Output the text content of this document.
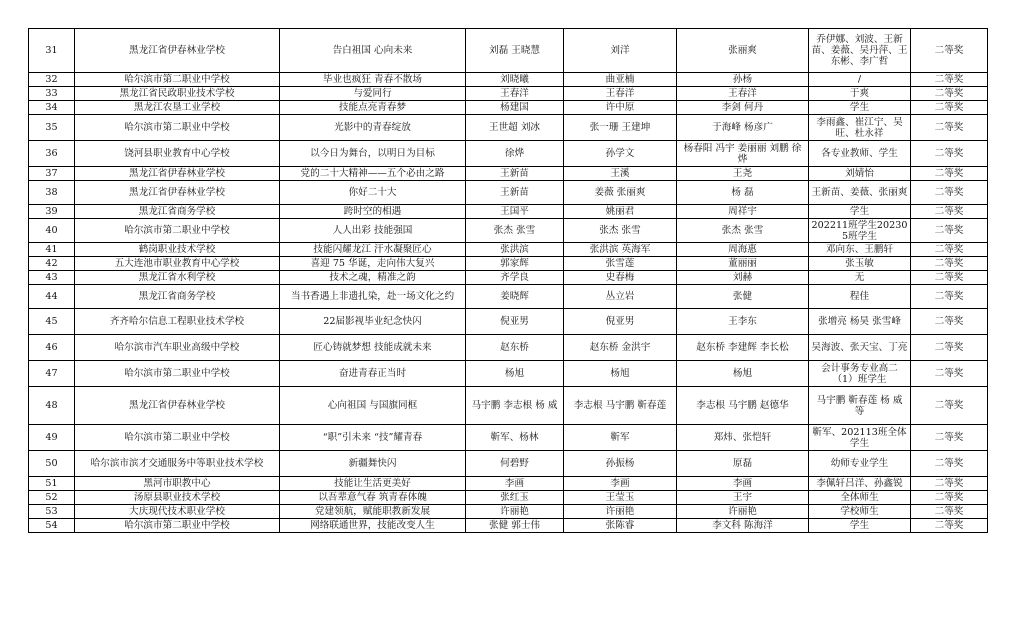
31	黑龙江省伊春林业学校	告白祖国 心向未来	刘磊 王晓慧	刘洋	张丽爽	乔伊娜、刘波、王新苗、姜薇、吴丹萍、王东彬、李广哲	二等奖
32	哈尔滨市第二职业中学校	毕业也疯狂 青春不散场	刘晓曦	曲亚楠	孙杨	/	二等奖
33	黑龙江省民政职业技术学校	与爱同行	王春洋	王春洋	王春洋	于爽	二等奖
34	黑龙江农垦工业学校	技能点亮青春梦	杨建国	许中原	李剑 何丹	学生	二等奖
35	哈尔滨市第二职业中学校	光影中的青春绽放	王世超 刘冰	张一珊 王建坤	于海峰 杨彦广	李雨鑫、崔江宁、吴旺、杜永祥	二等奖
36	饶河县职业教育中心学校	以今日为舞台，以明日为目标	徐烨	孙学文	杨春阳 冯宇 姜丽丽 刘鹏 徐烨	各专业教师、学生	二等奖
37	黑龙江省伊春林业学校	党的二十大精神——五个必由之路	王新苗	王溪	王尧	刘婧怡	二等奖
38	黑龙江省伊春林业学校	你好二十大	王新苗	姜薇 张丽爽	杨 磊	王新苗、姜薇、张丽爽	二等奖
39	黑龙江省商务学校	跨时空的相遇	王国平	姚丽君	周祥宇	学生	二等奖
40	哈尔滨市第二职业中学校	人人出彩 技能强国	张杰 张雪	张杰 张雪	张杰 张雪	202211班学生202305班学生	二等奖
41	鹤岗职业技术学校	技能闪耀龙江 汗水凝聚匠心	张洪滨	张洪滨 英海军	周海惠	邓向东、王鹏轩	二等奖
42	五大连池市职业教育中心学校	喜迎 75 华诞，走向伟大复兴	郭家辉	张雪莲	董丽丽	张玉敏	二等奖
43	黑龙江省水利学校	技术之魂，精准之韵	齐学良	史春梅	刘赫	无	二等奖
44	黑龙江省商务学校	当书香遇上非遗扎染，赴一场文化之约	姜晓辉	丛立岩	张健	程佳	二等奖
45	齐齐哈尔信息工程职业技术学校	22届影视毕业纪念快闪	倪亚男	倪亚男	王李东	张增亮 杨昊 张雪峰	二等奖
46	哈尔滨市汽车职业高级中学校	匠心铸就梦想 技能成就未来	赵东桥	赵东桥 金洪宇	赵东桥 李建辉 李长松	吴海波、张天宝、丁亮	二等奖
47	哈尔滨市第二职业中学校	奋进青春正当时	杨旭	杨旭	杨旭	会计事务专业高二（1）班学生	二等奖
48	黑龙江省伊春林业学校	心向祖国 与国旗同框	马宇鹏 李志根 杨 威	李志根 马宇鹏 靳春莲	李志根 马宇鹏 赵德华	马宇鹏 靳春莲 杨 威 等	二等奖
49	哈尔滨市第二职业中学校	“职”引未来 “技”耀青春	靳军、杨林	靳军	郑炜、张恺轩	靳军、202113班全体学生	二等奖
50	哈尔滨市滨才交通服务中等职业技术学校	新疆舞快闪	何碧野	孙振杨	原磊	幼师专业学生	二等奖
51	黑河市职教中心	技能让生活更美好	李画	李画	李画	李佩轩吕洋、孙鑫锐	二等奖
52	汤原县职业技术学校	以吾辈意气春 筑青春体魄	张红玉	王莹玉	王宇	全体师生	二等奖
53	大庆现代技术职业学校	党建领航，赋能职教新发展	许丽艳	许丽艳	许丽艳	学校师生	二等奖
54	哈尔滨市第二职业中学校	网络联通世界，技能改变人生	张健 郭士伟	张陈睿	李文科 陈海洋	学生	二等奖
